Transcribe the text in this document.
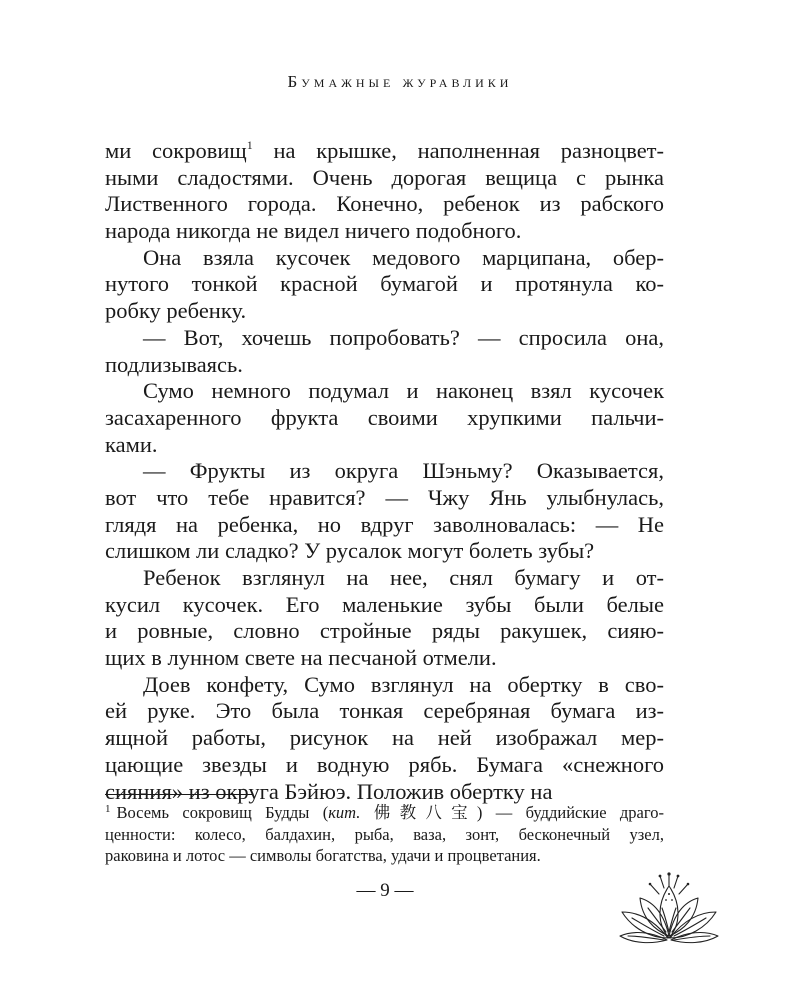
Бумажные журавлики
ми сокровищ$^1$ на крышке, наполненная разноцвет-
ными сладостями. Очень дорогая вещица с рынка
Лиственного города. Конечно, ребенок из рабского
народа никогда не видел ничего подобного.
Она взяла кусочек медового марципана, обер-
нутого тонкой красной бумагой и протянула ко-
робку ребенку.
— Вот, хочешь попробовать? — спросила она,
подлизываясь.
Сумо немного подумал и наконец взял кусочек
засахаренного фрукта своими хрупкими пальчи-
ками.
— Фрукты из округа Шэньму? Оказывается,
вот что тебе нравится? — Чжу Янь улыбнулась,
глядя на ребенка, но вдруг заволновалась: — Не
слишком ли сладко? У русалок могут болеть зубы?
Ребенок взглянул на нее, снял бумагу и от-
кусил кусочек. Его маленькие зубы были белые
и ровные, словно стройные ряды ракушек, сияю-
щих в лунном свете на песчаной отмели.
Доев конфету, Сумо взглянул на обертку в сво-
ей руке. Это была тонкая серебряная бумага из-
ящной работы, рисунок на ней изображал мер-
цающие звезды и водную рябь. Бумага «снежного
сияния» из округа Бэйюэ. Положив обертку на
$^1$ Восемь сокровищ Будды (кит. 佛教八宝) — буддийские драго-
ценности: колесо, балдахин, рыба, ваза, зонт, бесконечный узел,
раковина и лотос — символы богатства, удачи и процветания.
— 9 —
